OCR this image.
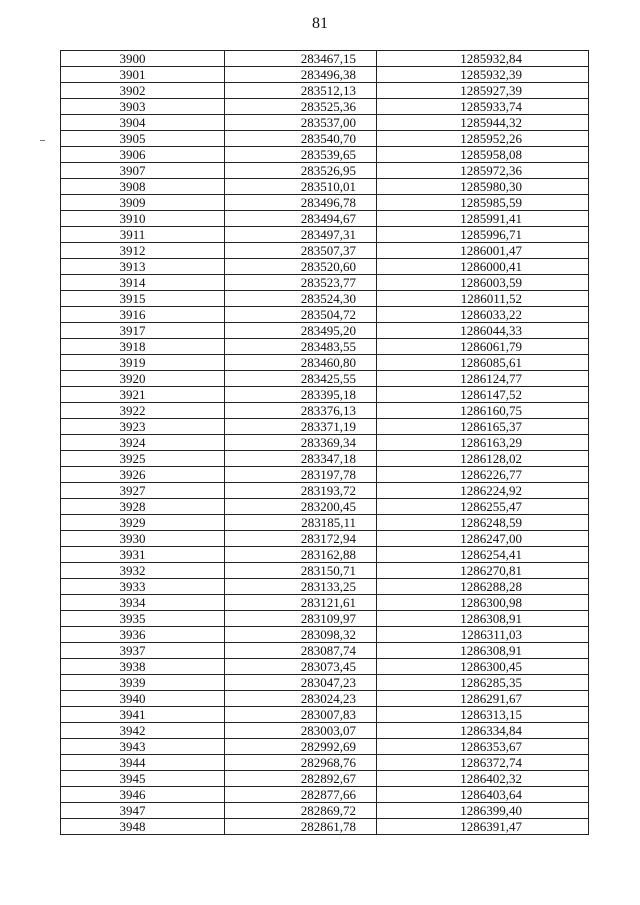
81
3900	283467,15	1285932,84
3901	283496,38	1285932,39
3902	283512,13	1285927,39
3903	283525,36	1285933,74
3904	283537,00	1285944,32
3905	283540,70	1285952,26
3906	283539,65	1285958,08
3907	283526,95	1285972,36
3908	283510,01	1285980,30
3909	283496,78	1285985,59
3910	283494,67	1285991,41
3911	283497,31	1285996,71
3912	283507,37	1286001,47
3913	283520,60	1286000,41
3914	283523,77	1286003,59
3915	283524,30	1286011,52
3916	283504,72	1286033,22
3917	283495,20	1286044,33
3918	283483,55	1286061,79
3919	283460,80	1286085,61
3920	283425,55	1286124,77
3921	283395,18	1286147,52
3922	283376,13	1286160,75
3923	283371,19	1286165,37
3924	283369,34	1286163,29
3925	283347,18	1286128,02
3926	283197,78	1286226,77
3927	283193,72	1286224,92
3928	283200,45	1286255,47
3929	283185,11	1286248,59
3930	283172,94	1286247,00
3931	283162,88	1286254,41
3932	283150,71	1286270,81
3933	283133,25	1286288,28
3934	283121,61	1286300,98
3935	283109,97	1286308,91
3936	283098,32	1286311,03
3937	283087,74	1286308,91
3938	283073,45	1286300,45
3939	283047,23	1286285,35
3940	283024,23	1286291,67
3941	283007,83	1286313,15
3942	283003,07	1286334,84
3943	282992,69	1286353,67
3944	282968,76	1286372,74
3945	282892,67	1286402,32
3946	282877,66	1286403,64
3947	282869,72	1286399,40
3948	282861,78	1286391,47
